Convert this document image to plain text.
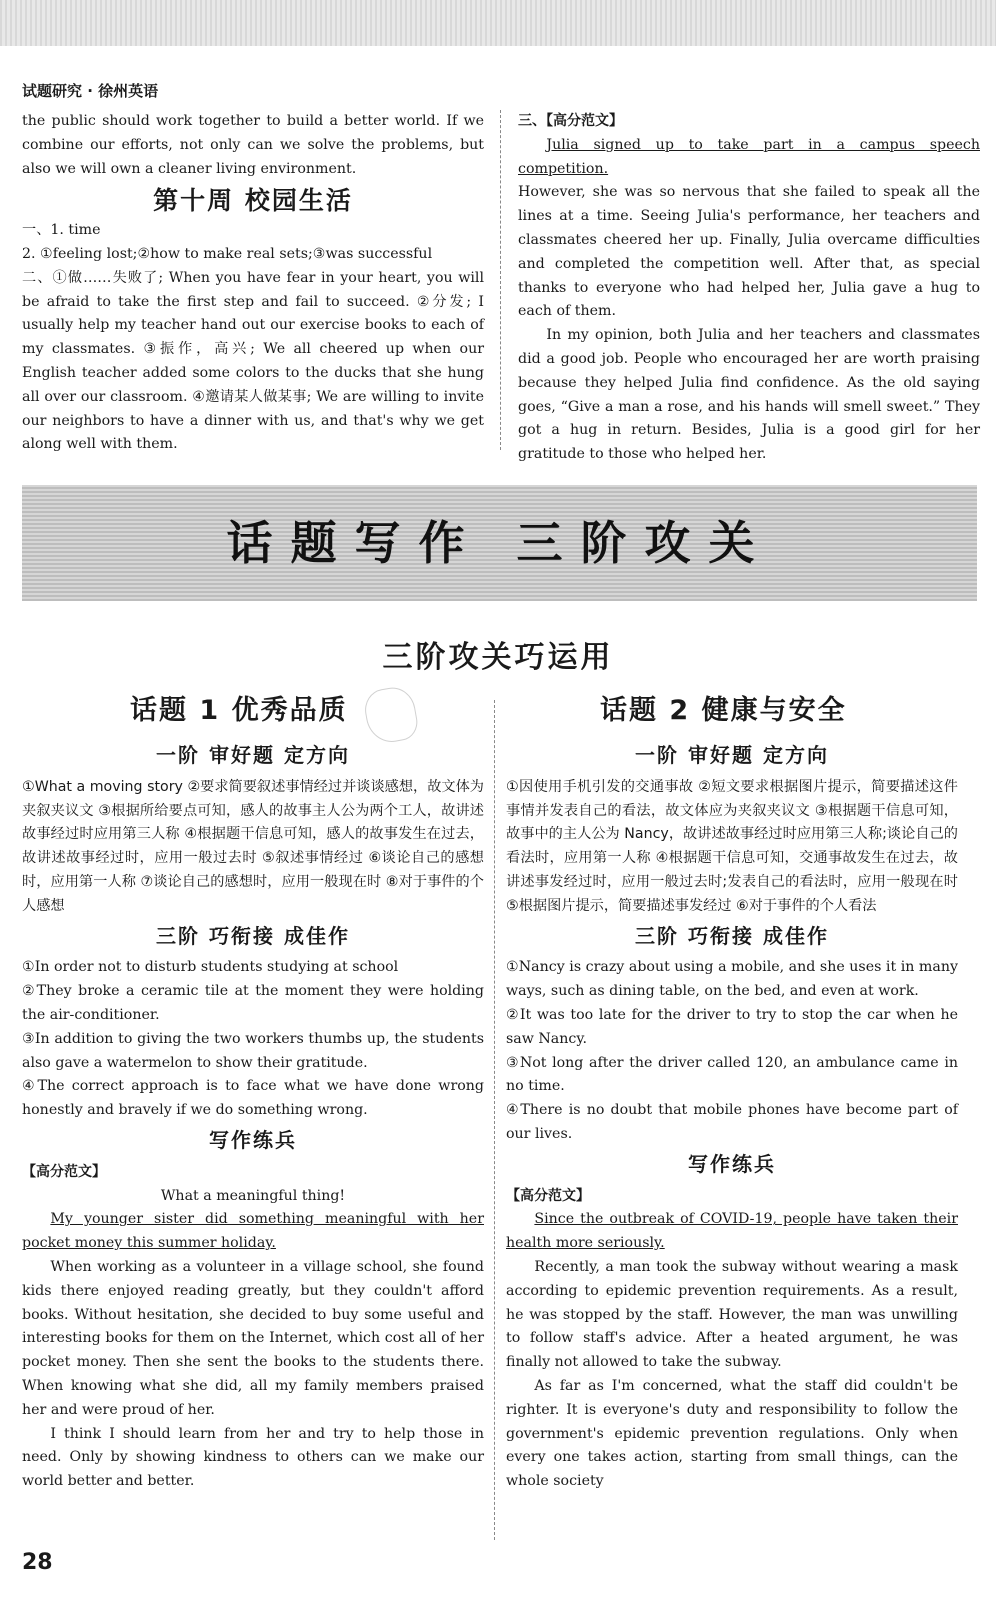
试题研究 · 徐州英语

the public should work together to build a better world. If we combine our efforts, not only can we solve the problems, but also we will own a cleaner living environment.

第十周 校园生活

一、1. time

2. ①feeling lost;②how to make real sets;③was successful

二、①做……失败了; When you have fear in your heart, you will be afraid to take the first step and fail to succeed. ②分发; I usually help my teacher hand out our exercise books to each of my classmates. ③振作，高兴; We all cheered up when our English teacher added some colors to the ducks that she hung all over our classroom. ④邀请某人做某事; We are willing to invite our neighbors to have a dinner with us, and that's why we get along well with them.

三、【高分范文】

Julia signed up to take part in a campus speech competition.

However, she was so nervous that she failed to speak all the lines at a time. Seeing Julia's performance, her teachers and classmates cheered her up. Finally, Julia overcame difficulties and completed the competition well. After that, as special thanks to everyone who had helped her, Julia gave a hug to each of them.

In my opinion, both Julia and her teachers and classmates did a good job. People who encouraged her are worth praising because they helped Julia find confidence. As the old saying goes, “Give a man a rose, and his hands will smell sweet.” They got a hug in return. Besides, Julia is a good girl for her gratitude to those who helped her.

话题写作 三阶攻关
三阶攻关巧运用
话题 1 优秀品质	话题 2 健康与安全
一阶 审好题 定方向

①What a moving story ②要求简要叙述事情经过并谈谈感想，故文体为夹叙夹议文 ③根据所给要点可知，感人的故事主人公为两个工人，故讲述故事经过时应用第三人称 ④根据题干信息可知，感人的故事发生在过去，故讲述故事经过时，应用一般过去时 ⑤叙述事情经过 ⑥谈论自己的感想时，应用第一人称 ⑦谈论自己的感想时，应用一般现在时 ⑧对于事件的个人感想

三阶 巧衔接 成佳作

①In order not to disturb students studying at school

②They broke a ceramic tile at the moment they were holding the air-conditioner.

③In addition to giving the two workers thumbs up, the students also gave a watermelon to show their gratitude.

④The correct approach is to face what we have done wrong honestly and bravely if we do something wrong.

写作练兵

【高分范文】

What a meaningful thing!

My younger sister did something meaningful with her pocket money this summer holiday.

When working as a volunteer in a village school, she found kids there enjoyed reading greatly, but they couldn't afford books. Without hesitation, she decided to buy some useful and interesting books for them on the Internet, which cost all of her pocket money. Then she sent the books to the students there. When knowing what she did, all my family members praised her and were proud of her.

I think I should learn from her and try to help those in need. Only by showing kindness to others can we make our world better and better.

一阶 审好题 定方向

①因使用手机引发的交通事故 ②短文要求根据图片提示，简要描述这件事情并发表自己的看法，故文体应为夹叙夹议文 ③根据题干信息可知，故事中的主人公为 Nancy，故讲述故事经过时应用第三人称;谈论自己的看法时，应用第一人称 ④根据题干信息可知，交通事故发生在过去，故讲述事发经过时，应用一般过去时;发表自己的看法时，应用一般现在时 ⑤根据图片提示，简要描述事发经过 ⑥对于事件的个人看法

三阶 巧衔接 成佳作

①Nancy is crazy about using a mobile, and she uses it in many ways, such as dining table, on the bed, and even at work.

②It was too late for the driver to try to stop the car when he saw Nancy.

③Not long after the driver called 120, an ambulance came in no time.

④There is no doubt that mobile phones have become part of our lives.

写作练兵

【高分范文】

Since the outbreak of COVID-19, people have taken their health more seriously.

Recently, a man took the subway without wearing a mask according to epidemic prevention requirements. As a result, he was stopped by the staff. However, the man was unwilling to follow staff's advice. After a heated argument, he was finally not allowed to take the subway.

As far as I'm concerned, what the staff did couldn't be righter. It is everyone's duty and responsibility to follow the government's epidemic prevention regulations. Only when every one takes action, starting from small things, can the whole society

28
